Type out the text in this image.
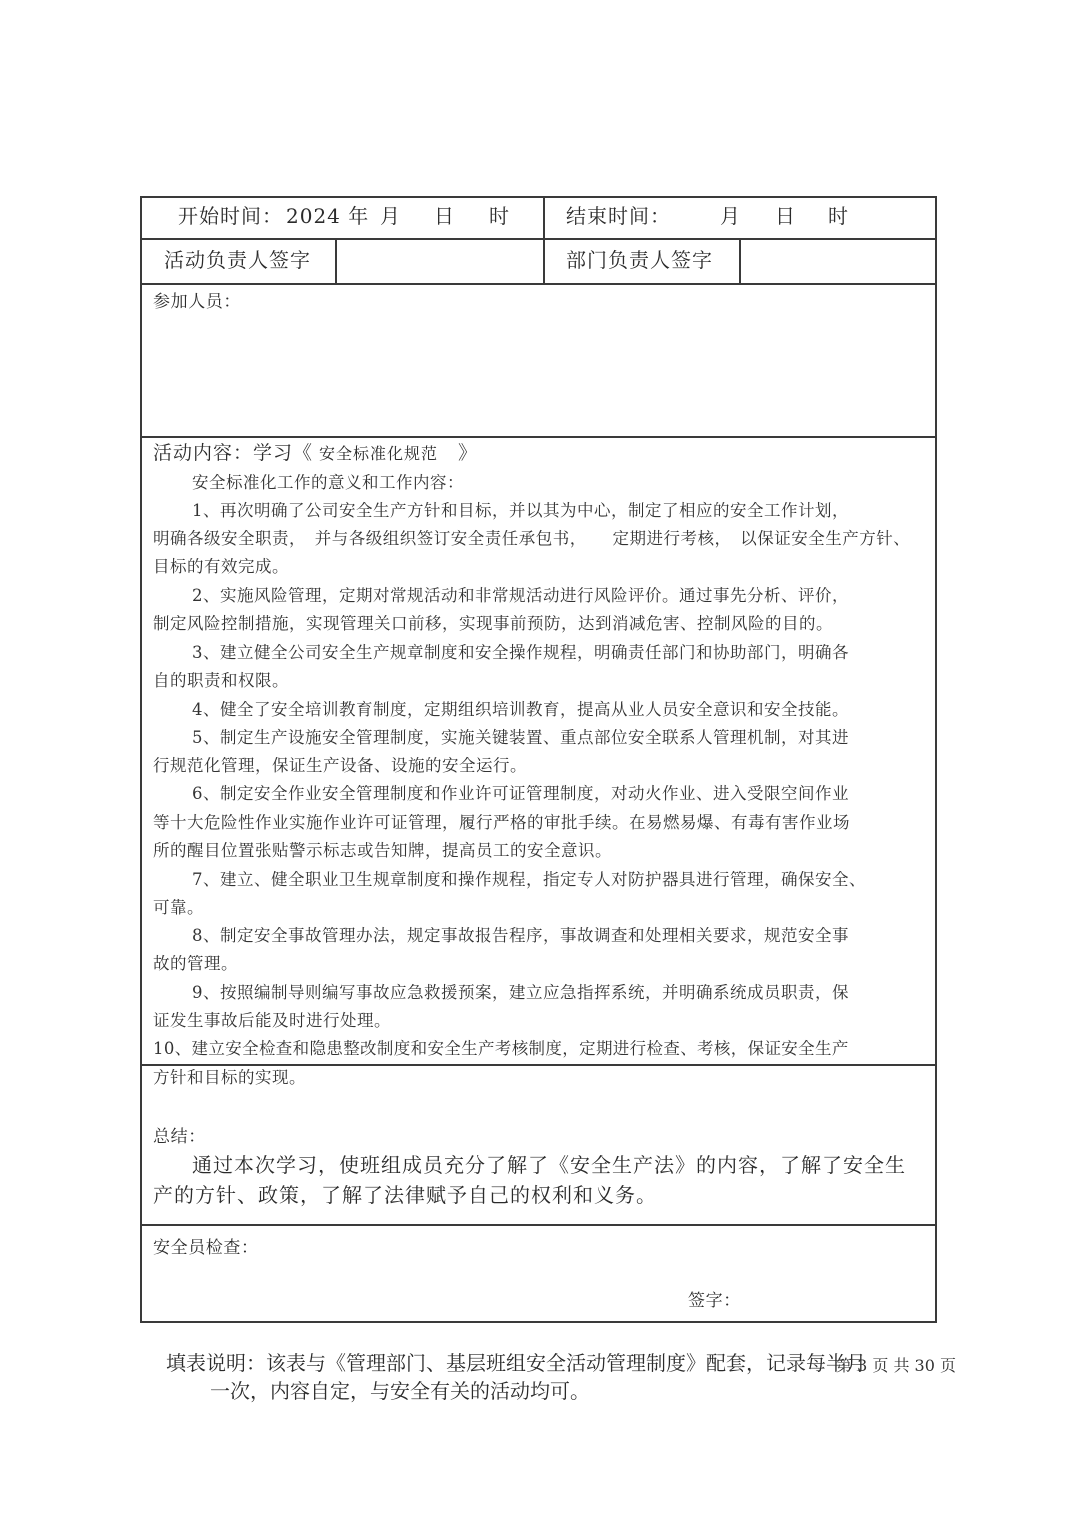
开始时间： 2024 年 月 日 时	结束时间： 月 日 时
活动负责人签字	部门负责人签字
参加人员：
活动内容：学习《 安全标准化规范 》
安全标准化工作的意义和工作内容：
1、再次明确了公司安全生产方针和目标，并以其为中心，制定了相应的安全工作计划，
明确各级安全职责，　并与各级组织签订安全责任承包书，　　定期进行考核，　以保证安全生产方针、
目标的有效完成。
2、实施风险管理，定期对常规活动和非常规活动进行风险评价。通过事先分析、评价，
制定风险控制措施，实现管理关口前移，实现事前预防，达到消减危害、控制风险的目的。
3、建立健全公司安全生产规章制度和安全操作规程，明确责任部门和协助部门，明确各
自的职责和权限。
4、健全了安全培训教育制度，定期组织培训教育，提高从业人员安全意识和安全技能。
5、制定生产设施安全管理制度，实施关键装置、重点部位安全联系人管理机制，对其进
行规范化管理，保证生产设备、设施的安全运行。
6、制定安全作业安全管理制度和作业许可证管理制度，对动火作业、进入受限空间作业
等十大危险性作业实施作业许可证管理，履行严格的审批手续。在易燃易爆、有毒有害作业场
所的醒目位置张贴警示标志或告知牌，提高员工的安全意识。
7、建立、健全职业卫生规章制度和操作规程，指定专人对防护器具进行管理，确保安全、
可靠。
8、制定安全事故管理办法，规定事故报告程序，事故调查和处理相关要求，规范安全事
故的管理。
9、按照编制导则编写事故应急救援预案，建立应急指挥系统，并明确系统成员职责，保
证发生事故后能及时进行处理。
10、建立安全检查和隐患整改制度和安全生产考核制度，定期进行检查、考核，保证安全生产
方针和目标的实现。
总结：
通过本次学习，使班组成员充分了解了《安全生产法》的内容，了解了安全生
产的方针、政策，了解了法律赋予自己的权利和义务。
安全员检查：
签字：
填表说明：该表与《管理部门、基层班组安全活动管理制度》配套，记录每半月
一次，内容自定，与安全有关的活动均可。
第 3 页 共 30 页
